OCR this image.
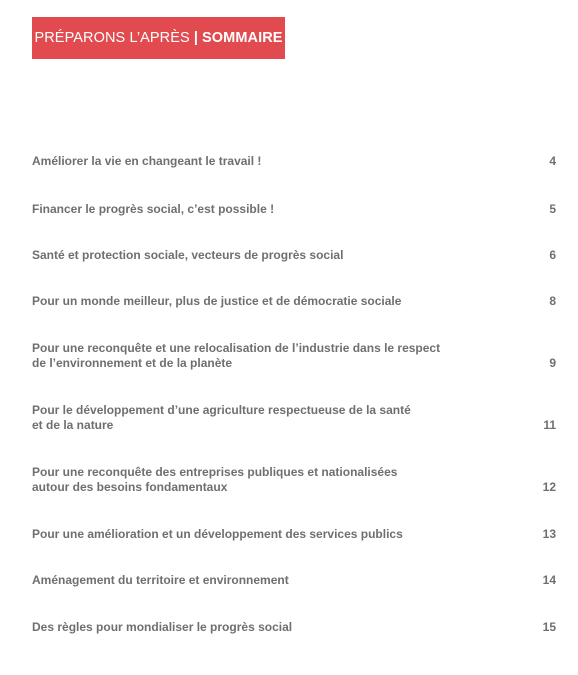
PRÉPARONS L’APRÈS | SOMMAIRE
Améliorer la vie en changeant le travail !	4
Financer le progrès social, c’est possible !	5
Santé et protection sociale, vecteurs de progrès social	6
Pour un monde meilleur, plus de justice et de démocratie sociale	8
Pour une reconquête et une relocalisation de l’industrie dans le respect
de l’environnement et de la planète	9
Pour le développement d’une agriculture respectueuse de la santé
et de la nature	11
Pour une reconquête des entreprises publiques et nationalisées
autour des besoins fondamentaux	12
Pour une amélioration et un développement des services publics	13
Aménagement du territoire et environnement	14
Des règles pour mondialiser le progrès social	15
